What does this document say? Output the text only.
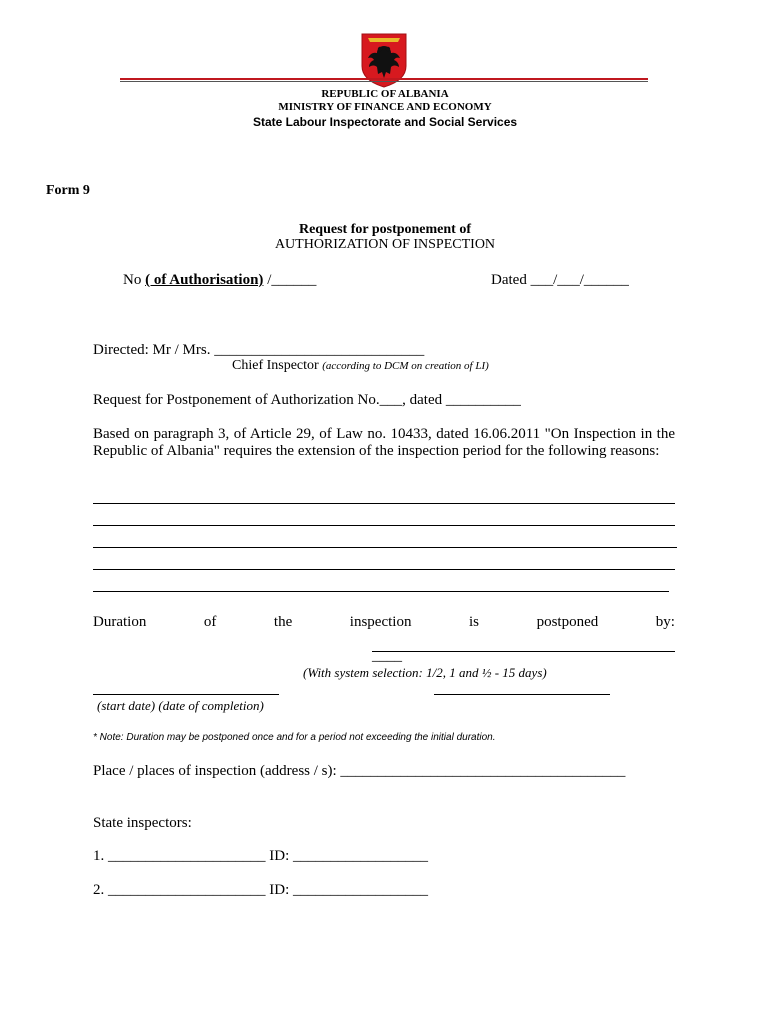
REPUBLIC OF ALBANIA
MINISTRY OF FINANCE AND ECONOMY
State Labour Inspectorate and Social Services
Form 9
Request for postponement of
AUTHORIZATION OF INSPECTION
No ( of Authorisation) /______	Dated ___/___/______
Directed: Mr / Mrs. ____________________________
Chief Inspector (according to DCM on creation of LI)
Request for Postponement of Authorization No.___, dated __________
Based on paragraph 3, of Article 29, of Law no. 10433, dated 16.06.2011 "On Inspection in the Republic of Albania" requires the extension of the inspection period for the following reasons:
Duration	of	the	inspection	is	postponed	by:
____
(With system selection: 1/2, 1 and ½ - 15 days)
(start date) (date of completion)
* Note: Duration may be postponed once and for a period not exceeding the initial duration.
Place / places of inspection (address / s): ______________________________________
State inspectors:
1. _____________________ ID: __________________
2. _____________________ ID: __________________
